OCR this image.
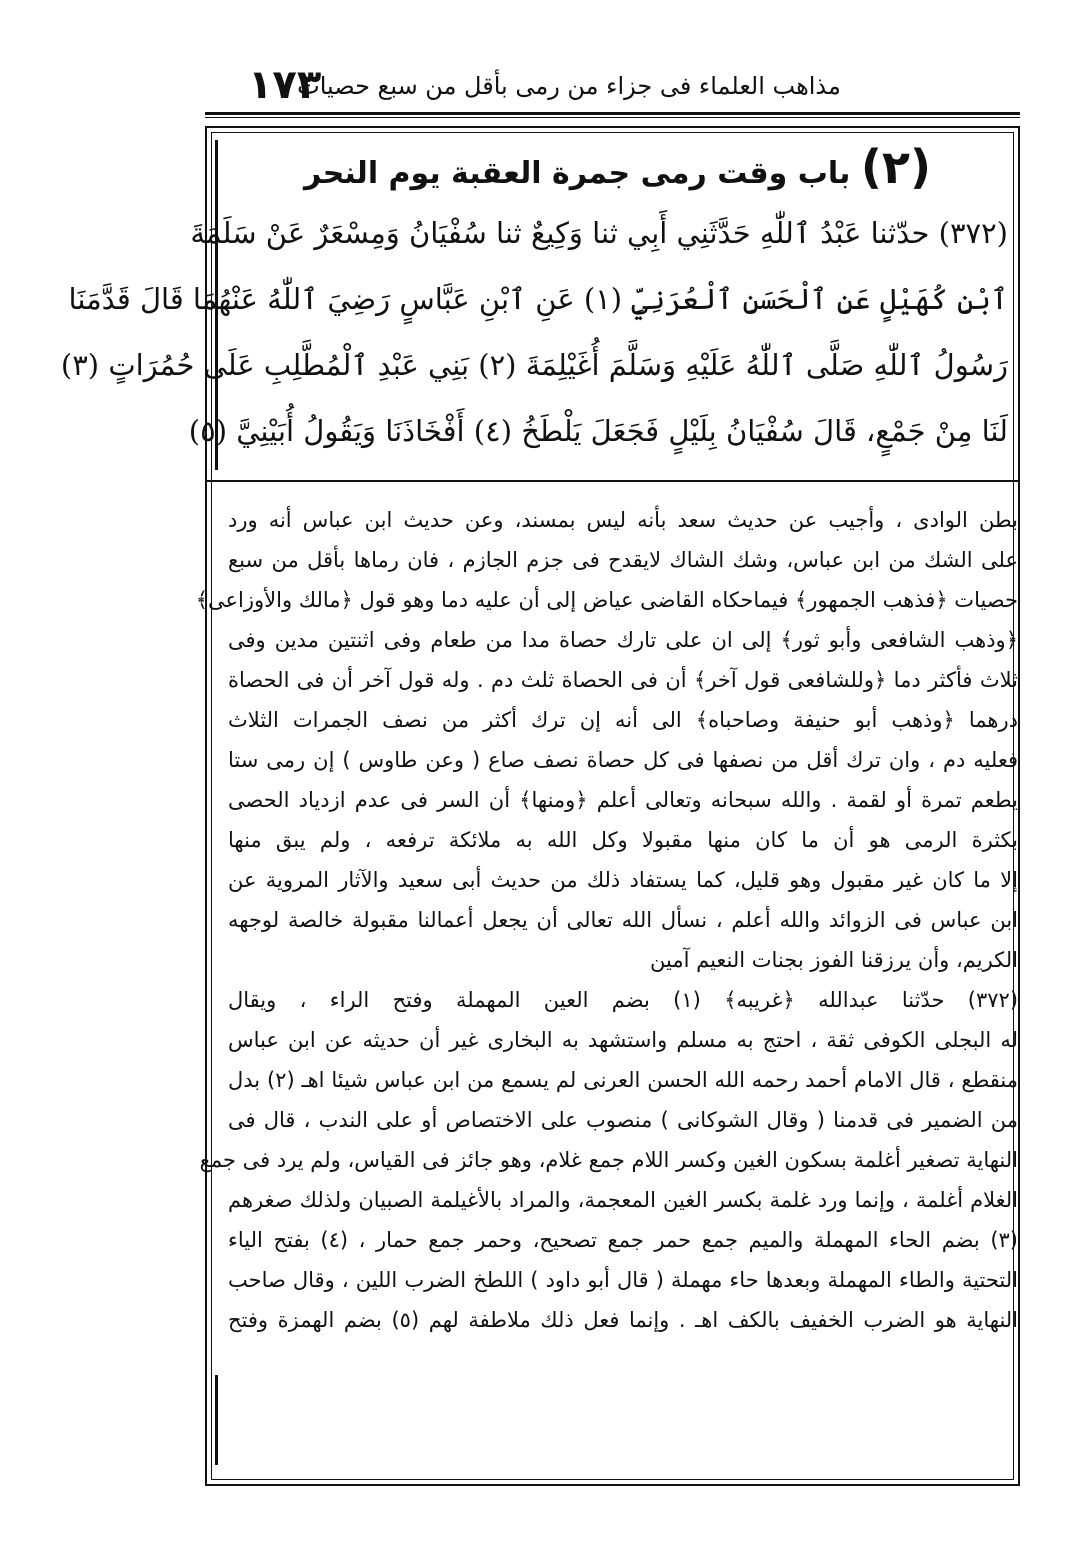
١٧٣
مذاهب العلماء فى جزاء من رمى بأقل من سبع حصيات
(٢) باب وقت رمى جمرة العقبة يوم النحر
(٣٧٢) حدّثنا عَبْدُ ٱللّٰهِ حَدَّثَنِي أَبِي ثنا وَكِيعٌ ثنا سُفْيَانُ وَمِسْعَرٌ عَنْ سَلَمَةَ
ٱبْنِ كُهَيْلٍ عَنِ ٱلْحَسَنِ ٱلْعُرَنِيِّ (١) عَنِ ٱبْنِ عَبَّاسٍ رَضِيَ ٱللّٰهُ عَنْهُمَا قَالَ قَدَّمَنَا
رَسُولُ ٱللّٰهِ صَلَّى ٱللّٰهُ عَلَيْهِ وَسَلَّمَ أُغَيْلِمَةَ (٢) بَنِي عَبْدِ ٱلْمُطَّلِبِ عَلَى حُمُرَاتٍ (٣)
لَنَا مِنْ جَمْعٍ، قَالَ سُفْيَانُ بِلَيْلٍ فَجَعَلَ يَلْطَخُ (٤) أَفْخَاذَنَا وَيَقُولُ أُبَيْنِيَّ (٥)
بطن الوادى ، وأجيب عن حديث سعد بأنه ليس بمسند، وعن حديث ابن عباس أنه ورد
على الشك من ابن عباس، وشك الشاك لايقدح فى جزم الجازم ، فان رماها بأقل من سبع
حصيات ﴿فذهب الجمهور﴾ فيماحكاه القاضى عياض إلى أن عليه دما وهو قول ﴿مالك والأوزاعى﴾
﴿وذهب الشافعى وأبو ثور﴾ إلى ان على تارك حصاة مدا من طعام وفى اثنتين مدين وفى
ثلاث فأكثر دما ﴿وللشافعى قول آخر﴾ أن فى الحصاة ثلث دم . وله قول آخر أن فى الحصاة
درهما ﴿وذهب أبو حنيفة وصاحباه﴾ الى أنه إن ترك أكثر من نصف الجمرات الثلاث
فعليه دم ، وان ترك أقل من نصفها فى كل حصاة نصف صاع ( وعن طاوس ) إن رمى ستا
يطعم تمرة أو لقمة . والله سبحانه وتعالى أعلم ﴿ومنها﴾ أن السر فى عدم ازدياد الحصى
بكثرة الرمى هو أن ما كان منها مقبولا وكل الله به ملائكة ترفعه ، ولم يبق منها
إلا ما كان غير مقبول وهو قليل، كما يستفاد ذلك من حديث أبى سعيد والآثار المروية عن
ابن عباس فى الزوائد والله أعلم ، نسأل الله تعالى أن يجعل أعمالنا مقبولة خالصة لوجهه
الكريم، وأن يرزقنا الفوز بجنات النعيم آمين
(٣٧٢) حدّثنا عبدالله ﴿غريبه﴾ (١) بضم العين المهملة وفتح الراء ، ويقال
له البجلى الكوفى ثقة ، احتج به مسلم واستشهد به البخارى غير أن حديثه عن ابن عباس
منقطع ، قال الامام أحمد رحمه الله الحسن العرنى لم يسمع من ابن عباس شيئا اهـ (٢) بدل
من الضمير فى قدمنا ( وقال الشوكانى ) منصوب على الاختصاص أو على الندب ، قال فى
النهاية تصغير أغلمة بسكون الغين وكسر اللام جمع غلام، وهو جائز فى القياس، ولم يرد فى جمع
الغلام أغلمة ، وإنما ورد غلمة بكسر الغين المعجمة، والمراد بالأغيلمة الصبيان ولذلك صغرهم
(٣) بضم الحاء المهملة والميم جمع حمر جمع تصحيح، وحمر جمع حمار ، (٤) بفتح الياء
التحتية والطاء المهملة وبعدها حاء مهملة ( قال أبو داود ) اللطخ الضرب اللين ، وقال صاحب
النهاية هو الضرب الخفيف بالكف اهـ . وإنما فعل ذلك ملاطفة لهم (٥) بضم الهمزة وفتح
